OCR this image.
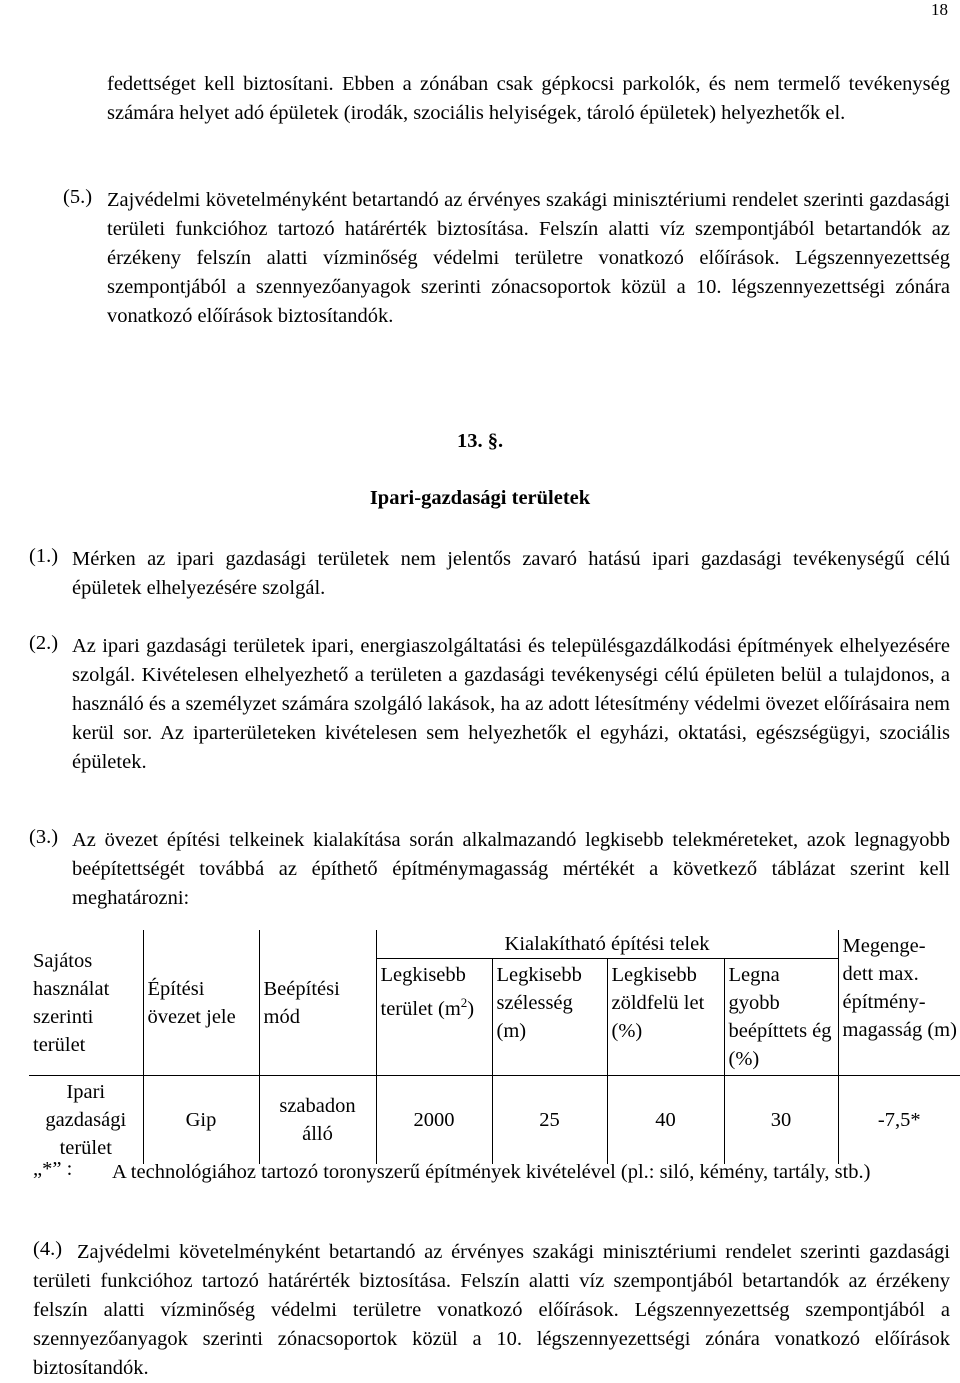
18

fedettséget kell biztosítani. Ebben a zónában csak gépkocsi parkolók, és nem termelő tevékenység számára helyet adó épületek (irodák, szociális helyiségek, tároló épületek) helyezhetők el.

(5.) Zajvédelmi követelményként betartandó az érvényes szakági minisztériumi rendelet szerinti gazdasági területi funkcióhoz tartozó határérték biztosítása. Felszín alatti víz szempontjából betartandók az érzékeny felszín alatti vízminőség védelmi területre vonatkozó előírások. Légszennyezettség szempontjából a szennyezőanyagok szerinti zónacsoportok közül a 10. légszennyezettségi zónára vonatkozó előírások biztosítandók.

13. §.
Ipari-gazdasági területek
(1.) Mérken az ipari gazdasági területek nem jelentős zavaró hatású ipari gazdasági tevékenységű célú épületek elhelyezésére szolgál.

(2.) Az ipari gazdasági területek ipari, energiaszolgáltatási és településgazdálkodási építmények elhelyezésére szolgál. Kivételesen elhelyezhető a területen a gazdasági tevékenységi célú épületen belül a tulajdonos, a használó és a személyzet számára szolgáló lakások, ha az adott létesítmény védelmi övezet előírásaira nem kerül sor. Az iparterületeken kivételesen sem helyezhetők el egyházi, oktatási, egészségügyi, szociális épületek.

(3.) Az övezet építési telkeinek kialakítása során alkalmazandó legkisebb telekméreteket, azok legnagyobb beépítettségét továbbá az építhető építménymagasság mértékét a következő táblázat szerint kell meghatározni:

Sajátos használat szerinti terület	Építési övezet jele	Beépítési mód	Kialakítható építési telek				Megenge- dett max. építmény- magasság (m)
			Legkisebb terület $(m^2)$	Legkisebb szélesség (m)	Legkisebb zöldfelü let (%)	Legna gyobb beépíttets ég (%)	
Ipari gazdasági terület	Gip	szabadon álló	2000	25	40	30	-7,5*
„*” :	A technológiához tartozó toronyszerű építmények kivételével (pl.: siló, kémény, tartály, stb.)

(4.) Zajvédelmi követelményként betartandó az érvényes szakági minisztériumi rendelet szerinti gazdasági területi funkcióhoz tartozó határérték biztosítása. Felszín alatti víz szempontjából betartandók az érzékeny felszín alatti vízminőség védelmi területre vonatkozó előírások. Légszennyezettség szempontjából a szennyezőanyagok szerinti zónacsoportok közül a 10. légszennyezettségi zónára vonatkozó előírások biztosítandók.
